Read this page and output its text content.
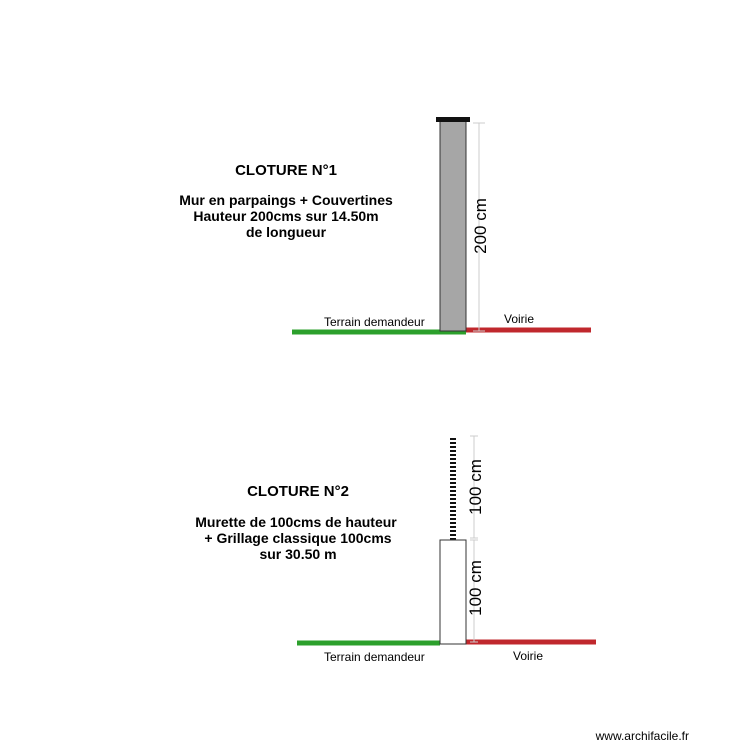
200 cm
CLOTURE N°1
Mur en parpaings + Couvertines
Hauteur 200cms sur 14.50m
de longueur
Terrain demandeur	Voirie
100 cm
100 cm
CLOTURE N°2
Murette de 100cms de hauteur
+ Grillage classique 100cms
sur 30.50 m
Terrain demandeur	Voirie
www.archifacile.fr
